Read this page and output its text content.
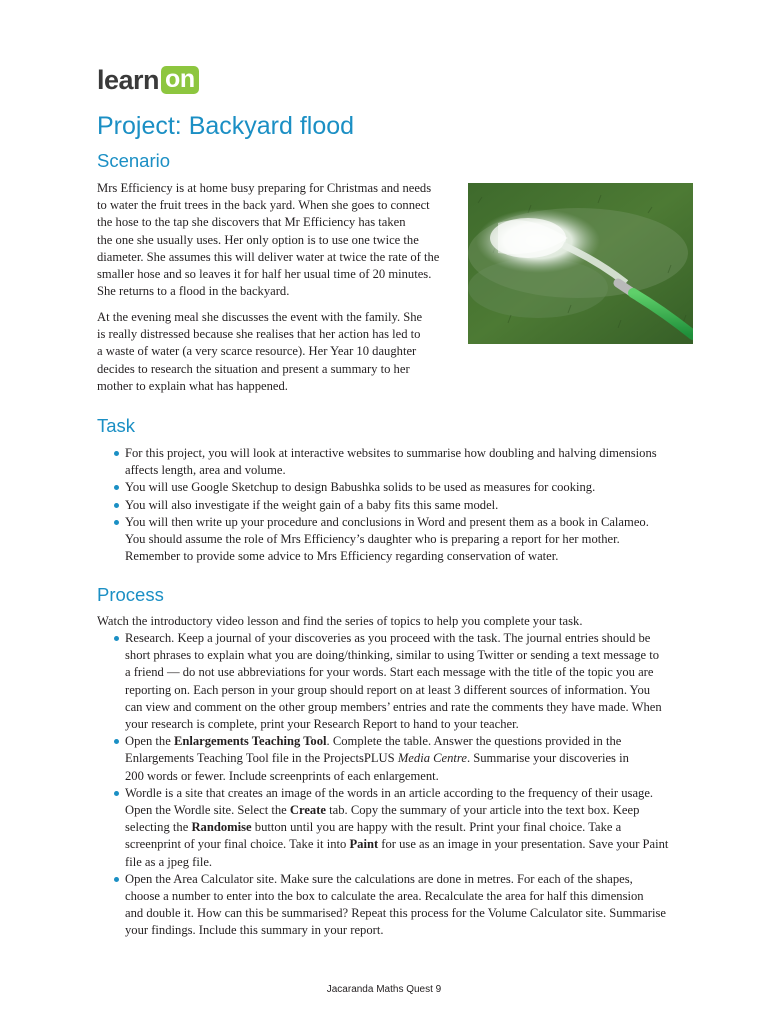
learn on
Project: Backyard flood
Scenario

Mrs Efficiency is at home busy preparing for Christmas and needs
to water the fruit trees in the back yard. When she goes to connect
the hose to the tap she discovers that Mr Efficiency has taken
the one she usually uses. Her only option is to use one twice the
diameter. She assumes this will deliver water at twice the rate of the
smaller hose and so leaves it for half her usual time of 20 minutes.
She returns to a flood in the backyard.

At the evening meal she discusses the event with the family. She
is really distressed because she realises that her action has led to
a waste of water (a very scarce resource). Her Year 10 daughter
decides to research the situation and present a summary to her
mother to explain what has happened.

Task
For this project, you will look at interactive websites to summarise how doubling and halving dimensions
affects length, area and volume.
You will use Google Sketchup to design Babushka solids to be used as measures for cooking.
You will also investigate if the weight gain of a baby fits this same model.
You will then write up your procedure and conclusions in Word and present them as a book in Calameo.
You should assume the role of Mrs Efficiency’s daughter who is preparing a report for her mother.
Remember to provide some advice to Mrs Efficiency regarding conservation of water.
Process

Watch the introductory video lesson and find the series of topics to help you complete your task.

Research. Keep a journal of your discoveries as you proceed with the task. The journal entries should be
short phrases to explain what you are doing/thinking, similar to using Twitter or sending a text message to
a friend — do not use abbreviations for your words. Start each message with the title of the topic you are
reporting on. Each person in your group should report on at least 3 different sources of information. You
can view and comment on the other group members’ entries and rate the comments they have made. When
your research is complete, print your Research Report to hand to your teacher.
Open the Enlargements Teaching Tool. Complete the table. Answer the questions provided in the
Enlargements Teaching Tool file in the ProjectsPLUS Media Centre. Summarise your discoveries in
200 words or fewer. Include screenprints of each enlargement.
Wordle is a site that creates an image of the words in an article according to the frequency of their usage.
Open the Wordle site. Select the Create tab. Copy the summary of your article into the text box. Keep
selecting the Randomise button until you are happy with the result. Print your final choice. Take a
screenprint of your final choice. Take it into Paint for use as an image in your presentation. Save your Paint
file as a jpeg file.
Open the Area Calculator site. Make sure the calculations are done in metres. For each of the shapes,
choose a number to enter into the box to calculate the area. Recalculate the area for half this dimension
and double it. How can this be summarised? Repeat this process for the Volume Calculator site. Summarise
your findings. Include this summary in your report.
Jacaranda Maths Quest 9
